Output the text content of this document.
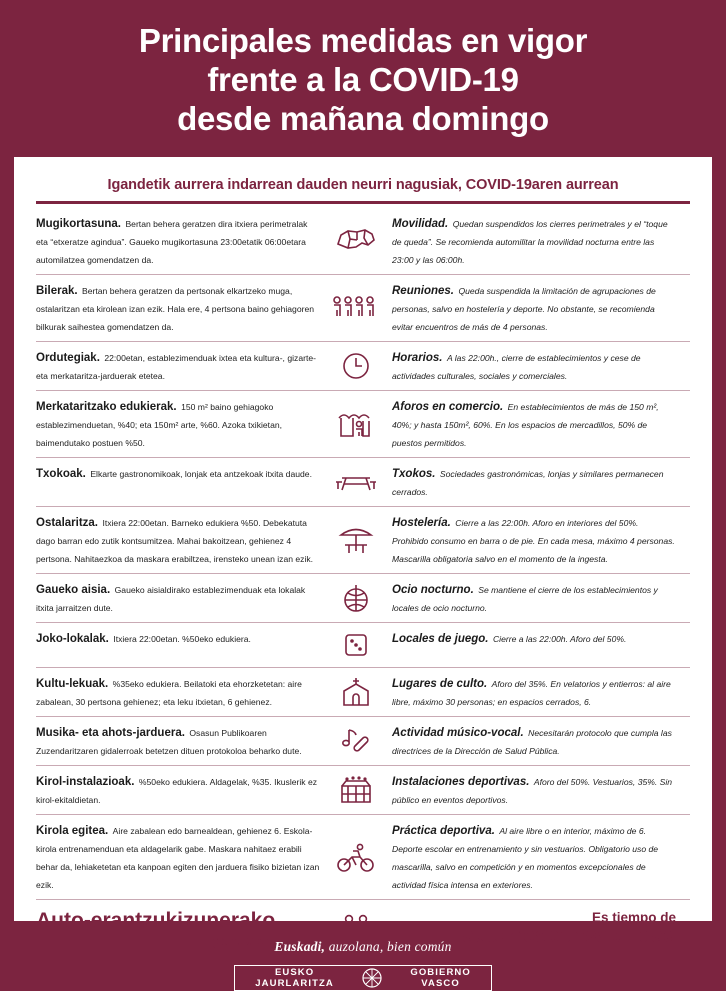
Principales medidas en vigor
frente a la COVID-19
desde mañana domingo
Igandetik aurrera indarrean dauden neurri nagusiak, COVID-19aren aurrean
Mugikortasuna. Bertan behera geratzen dira itxiera perimetralak eta “etxeratze agindua”. Gaueko mugikortasuna 23:00etatik 06:00etara automilatzea gomendatzen da.
Movilidad. Quedan suspendidos los cierres perimetrales y el “toque de queda”. Se recomienda automilitar la movilidad nocturna entre las 23:00 y las 06:00h.
Bilerak. Bertan behera geratzen da pertsonak elkartzeko muga, ostalaritzan eta kirolean izan ezik. Hala ere, 4 pertsona baino gehiagoren bilkurak saihestea gomendatzen da.
Reuniones. Queda suspendida la limitación de agrupaciones de personas, salvo en hostelería y deporte. No obstante, se recomienda evitar encuentros de más de 4 personas.
Ordutegiak. 22:00etan, establezimenduak ixtea eta kultura-, gizarte- eta merkataritza-jarduerak etetea.
Horarios. A las 22:00h., cierre de establecimientos y cese de actividades culturales, sociales y comerciales.
Merkataritzako edukierak. 150 m² baino gehiagoko establezimenduetan, %40; eta 150m² arte, %60. Azoka txikietan, baimendutako postuen %50.
Aforos en comercio. En establecimientos de más de 150 m², 40%; y hasta 150m², 60%. En los espacios de mercadillos, 50% de puestos permitidos.
Txokoak. Elkarte gastronomikoak, lonjak eta antzekoak itxita daude.	Txokos. Sociedades gastronómicas, lonjas y similares permanecen cerrados.
Ostalaritza. Itxiera 22:00etan. Barneko edukiera %50. Debekatuta dago barran edo zutik kontsumitzea. Mahai bakoitzean, gehienez 4 pertsona. Nahitaezkoa da maskara erabiltzea, irensteko unean izan ezik.
Hostelería. Cierre a las 22:00h. Aforo en interiores del 50%. Prohibido consumo en barra o de pie. En cada mesa, máximo 4 personas. Mascarilla obligatoria salvo en el momento de la ingesta.
Gaueko aisia. Gaueko aisialdirako establezimenduak eta lokalak itxita jarraitzen dute.
Ocio nocturno. Se mantiene el cierre de los establecimientos y locales de ocio nocturno.
Joko-lokalak. Itxiera 22:00etan. %50eko edukiera.	Locales de juego. Cierre a las 22:00h. Aforo del 50%.
Kultu-lekuak. %35eko edukiera. Beilatoki eta ehorzketetan: aire zabalean, 30 pertsona gehienez; eta leku itxietan, 6 gehienez.
Lugares de culto. Aforo del 35%. En velatorios y entierros: al aire libre, máximo 30 personas; en espacios cerrados, 6.
Musika- eta ahots-jarduera. Osasun Publikoaren Zuzendaritzaren gidalerroak betetzen dituen protokoloa beharko dute.
Actividad músico-vocal. Necesitarán protocolo que cumpla las directrices de la Dirección de Salud Pública.
Kirol-instalazioak. %50eko edukiera. Aldagelak, %35. Ikuslerik ez kirol-ekitaldietan.
Instalaciones deportivas. Aforo del 50%. Vestuarios, 35%. Sin público en eventos deportivos.
Kirola egitea. Aire zabalean edo barnealdean, gehienez 6. Eskola-kirola entrenamenduan eta aldagelarik gabe. Maskara nahitaez erabili behar da, lehiaketetan eta kanpoan egiten den jarduera fisiko bizietan izan ezik.
Práctica deportiva. Al aire libre o en interior, máximo de 6. Deporte escolar en entrenamiento y sin vestuarios. Obligatorio uso de mascarilla, salvo en competición y en momentos excepcionales de actividad física intensa en exteriores.
Auto-erantzukizunerako
garaia da
Es tiempo de
autorresponsabilidad
Euskadi, auzolana, bien común
EUSKO JAURLARITZA
GOBIERNO VASCO
